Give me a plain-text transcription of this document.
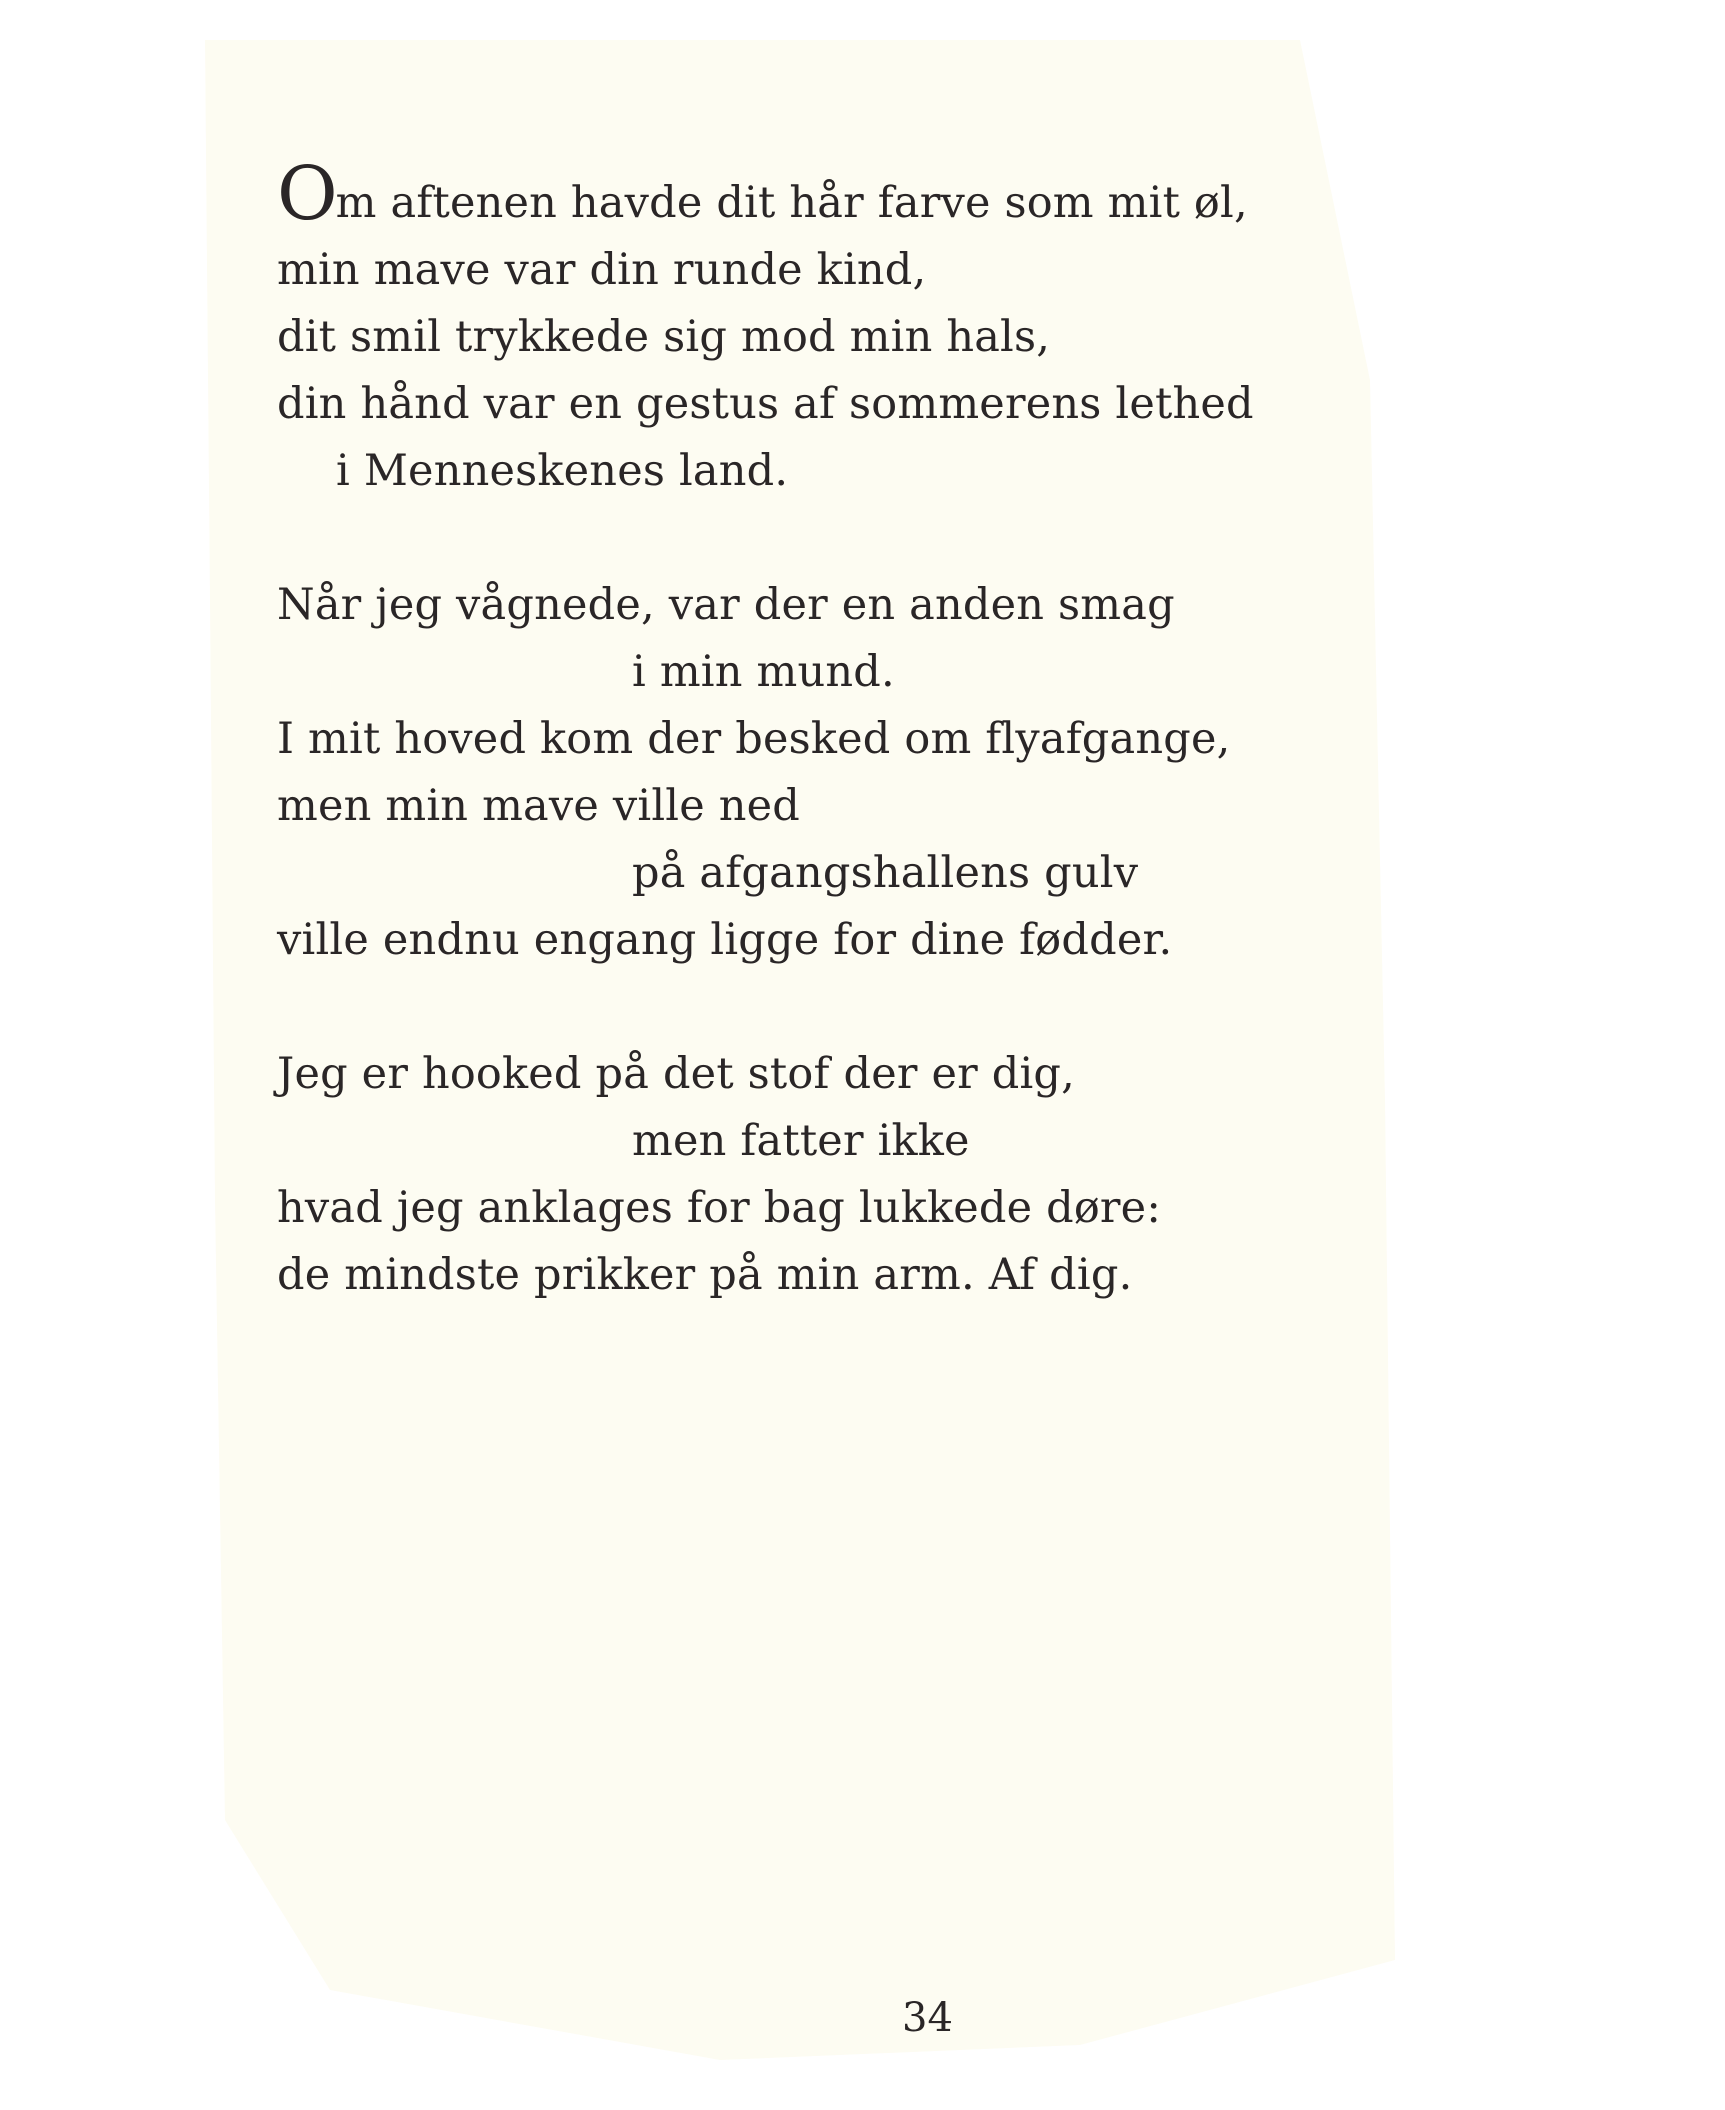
Om aftenen havde dit hår farve som mit øl,
min mave var din runde kind,
dit smil trykkede sig mod min hals,
din hånd var en gestus af sommerens lethed
i Menneskenes land.
Når jeg vågnede, var der en anden smag
i min mund.
I mit hoved kom der besked om flyafgange,
men min mave ville ned
på afgangshallens gulv
ville endnu engang ligge for dine fødder.
Jeg er hooked på det stof der er dig,
men fatter ikke
hvad jeg anklages for bag lukkede døre:
de mindste prikker på min arm. Af dig.
34
